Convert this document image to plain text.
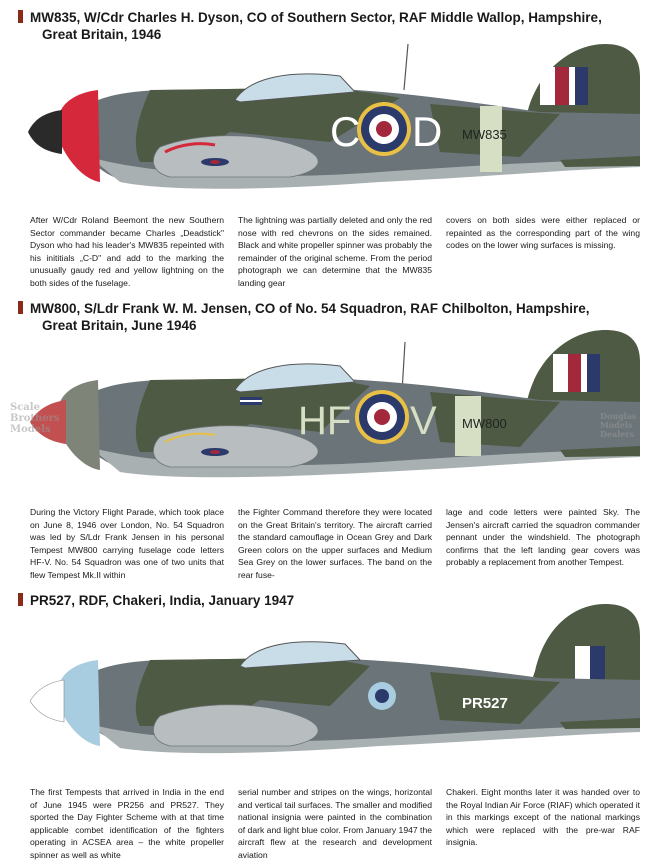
MW835, W/Cdr Charles H. Dyson, CO of Southern Sector, RAF Middle Wallop, Hampshire,
Great Britain, 1946
C D MW835
After W/Cdr Roland Beemont the new Southern Sector commander became Charles „Deadstick" Dyson who had his leader's MW835 repeinted with his inititials „C-D" and add to the marking the unusually gaudy red and yellow lightning on the both sides of the fuselage.
The lightning was partially deleted and only the red nose with red chevrons on the sides remained. Black and white propeller spinner was probably the remainder of the original scheme. From the period photograph we can determine that the MW835 landing gear
covers on both sides were either replaced or repainted as the corresponding part of the wing codes on the lower wing surfaces is missing.
MW800, S/Ldr Frank W. M. Jensen, CO of No. 54 Squadron, RAF Chilbolton, Hampshire,
Great Britain, June 1946
HF V MW800
Scale
Brothers
Models
Douglas
Models
Dealers
During the Victory Flight Parade, which took place on June 8, 1946 over London, No. 54 Squadron was led by S/Ldr Frank Jensen in his personal Tempest MW800 carrying fuselage code letters HF-V. No. 54 Squadron was one of two units that flew Tempest Mk.II within
the Fighter Command therefore they were located on the Great Britain's territory. The aircraft carried the standard camouflage in Ocean Grey and Dark Green colors on the upper surfaces and Medium Sea Grey on the lower surfaces. The band on the rear fuse-
lage and code letters were painted Sky. The Jensen's aircraft carried the squadron commander pennant under the windshield. The photograph confirms that the left landing gear covers was probably a replacement from another Tempest.
PR527, RDF, Chakeri, India, January 1947
PR527
The first Tempests that arrived in India in the end of June 1945 were PR256 and PR527. They sported the Day Fighter Scheme with at that time applicable combet identification of the fighters operating in ACSEA area – the white propeller spinner as well as white
serial number and stripes on the wings, horizontal and vertical tail surfaces. The smaller and modified national insignia were painted in the combination of dark and light blue color. From January 1947 the aircraft flew at the research and development aviation
Chakeri. Eight months later it was handed over to the Royal Indian Air Force (RIAF) which operated it in this markings except of the national markings which were replaced with the pre-war RAF insignia.
